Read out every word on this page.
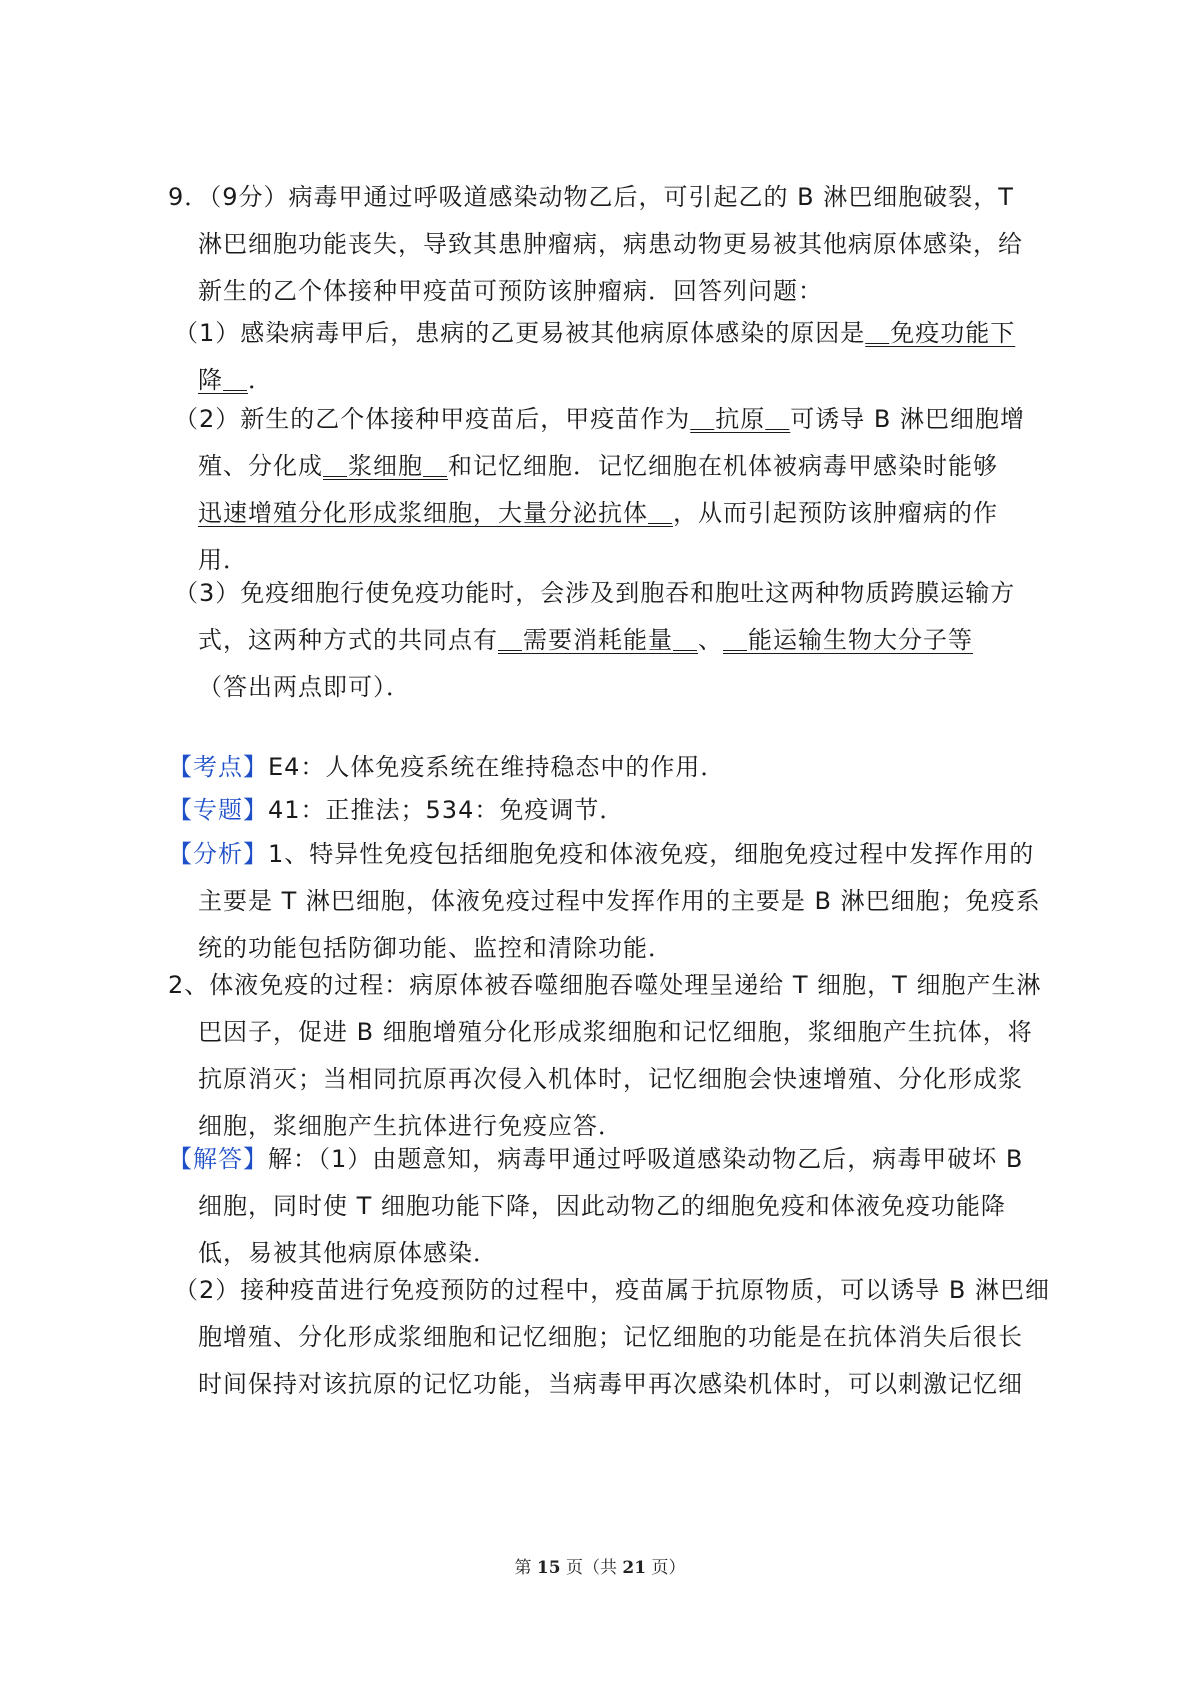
9．（9分）病毒甲通过呼吸道感染动物乙后，可引起乙的 B 淋巴细胞破裂，T
淋巴细胞功能丧失，导致其患肿瘤病，病患动物更易被其他病原体感染，给
新生的乙个体接种甲疫苗可预防该肿瘤病．回答列问题：
（1）感染病毒甲后，患病的乙更易被其他病原体感染的原因是＿免疫功能下
降＿．
（2）新生的乙个体接种甲疫苗后，甲疫苗作为＿抗原＿可诱导 B 淋巴细胞增
殖、分化成＿浆细胞＿和记忆细胞．记忆细胞在机体被病毒甲感染时能够
迅速增殖分化形成浆细胞，大量分泌抗体＿，从而引起预防该肿瘤病的作
用．
（3）免疫细胞行使免疫功能时，会涉及到胞吞和胞吐这两种物质跨膜运输方
式，这两种方式的共同点有＿需要消耗能量＿、＿能运输生物大分子等
（答出两点即可）．
【考点】E4：人体免疫系统在维持稳态中的作用．
【专题】41：正推法；534：免疫调节．
【分析】1、特异性免疫包括细胞免疫和体液免疫，细胞免疫过程中发挥作用的
主要是 T 淋巴细胞，体液免疫过程中发挥作用的主要是 B 淋巴细胞；免疫系
统的功能包括防御功能、监控和清除功能．
2、体液免疫的过程：病原体被吞噬细胞吞噬处理呈递给 T 细胞，T 细胞产生淋
巴因子，促进 B 细胞增殖分化形成浆细胞和记忆细胞，浆细胞产生抗体，将
抗原消灭；当相同抗原再次侵入机体时，记忆细胞会快速增殖、分化形成浆
细胞，浆细胞产生抗体进行免疫应答．
【解答】解：（1）由题意知，病毒甲通过呼吸道感染动物乙后，病毒甲破坏 B
细胞，同时使 T 细胞功能下降，因此动物乙的细胞免疫和体液免疫功能降
低，易被其他病原体感染．
（2）接种疫苗进行免疫预防的过程中，疫苗属于抗原物质，可以诱导 B 淋巴细
胞增殖、分化形成浆细胞和记忆细胞；记忆细胞的功能是在抗体消失后很长
时间保持对该抗原的记忆功能，当病毒甲再次感染机体时，可以刺激记忆细
第 15 页（共 21 页）
